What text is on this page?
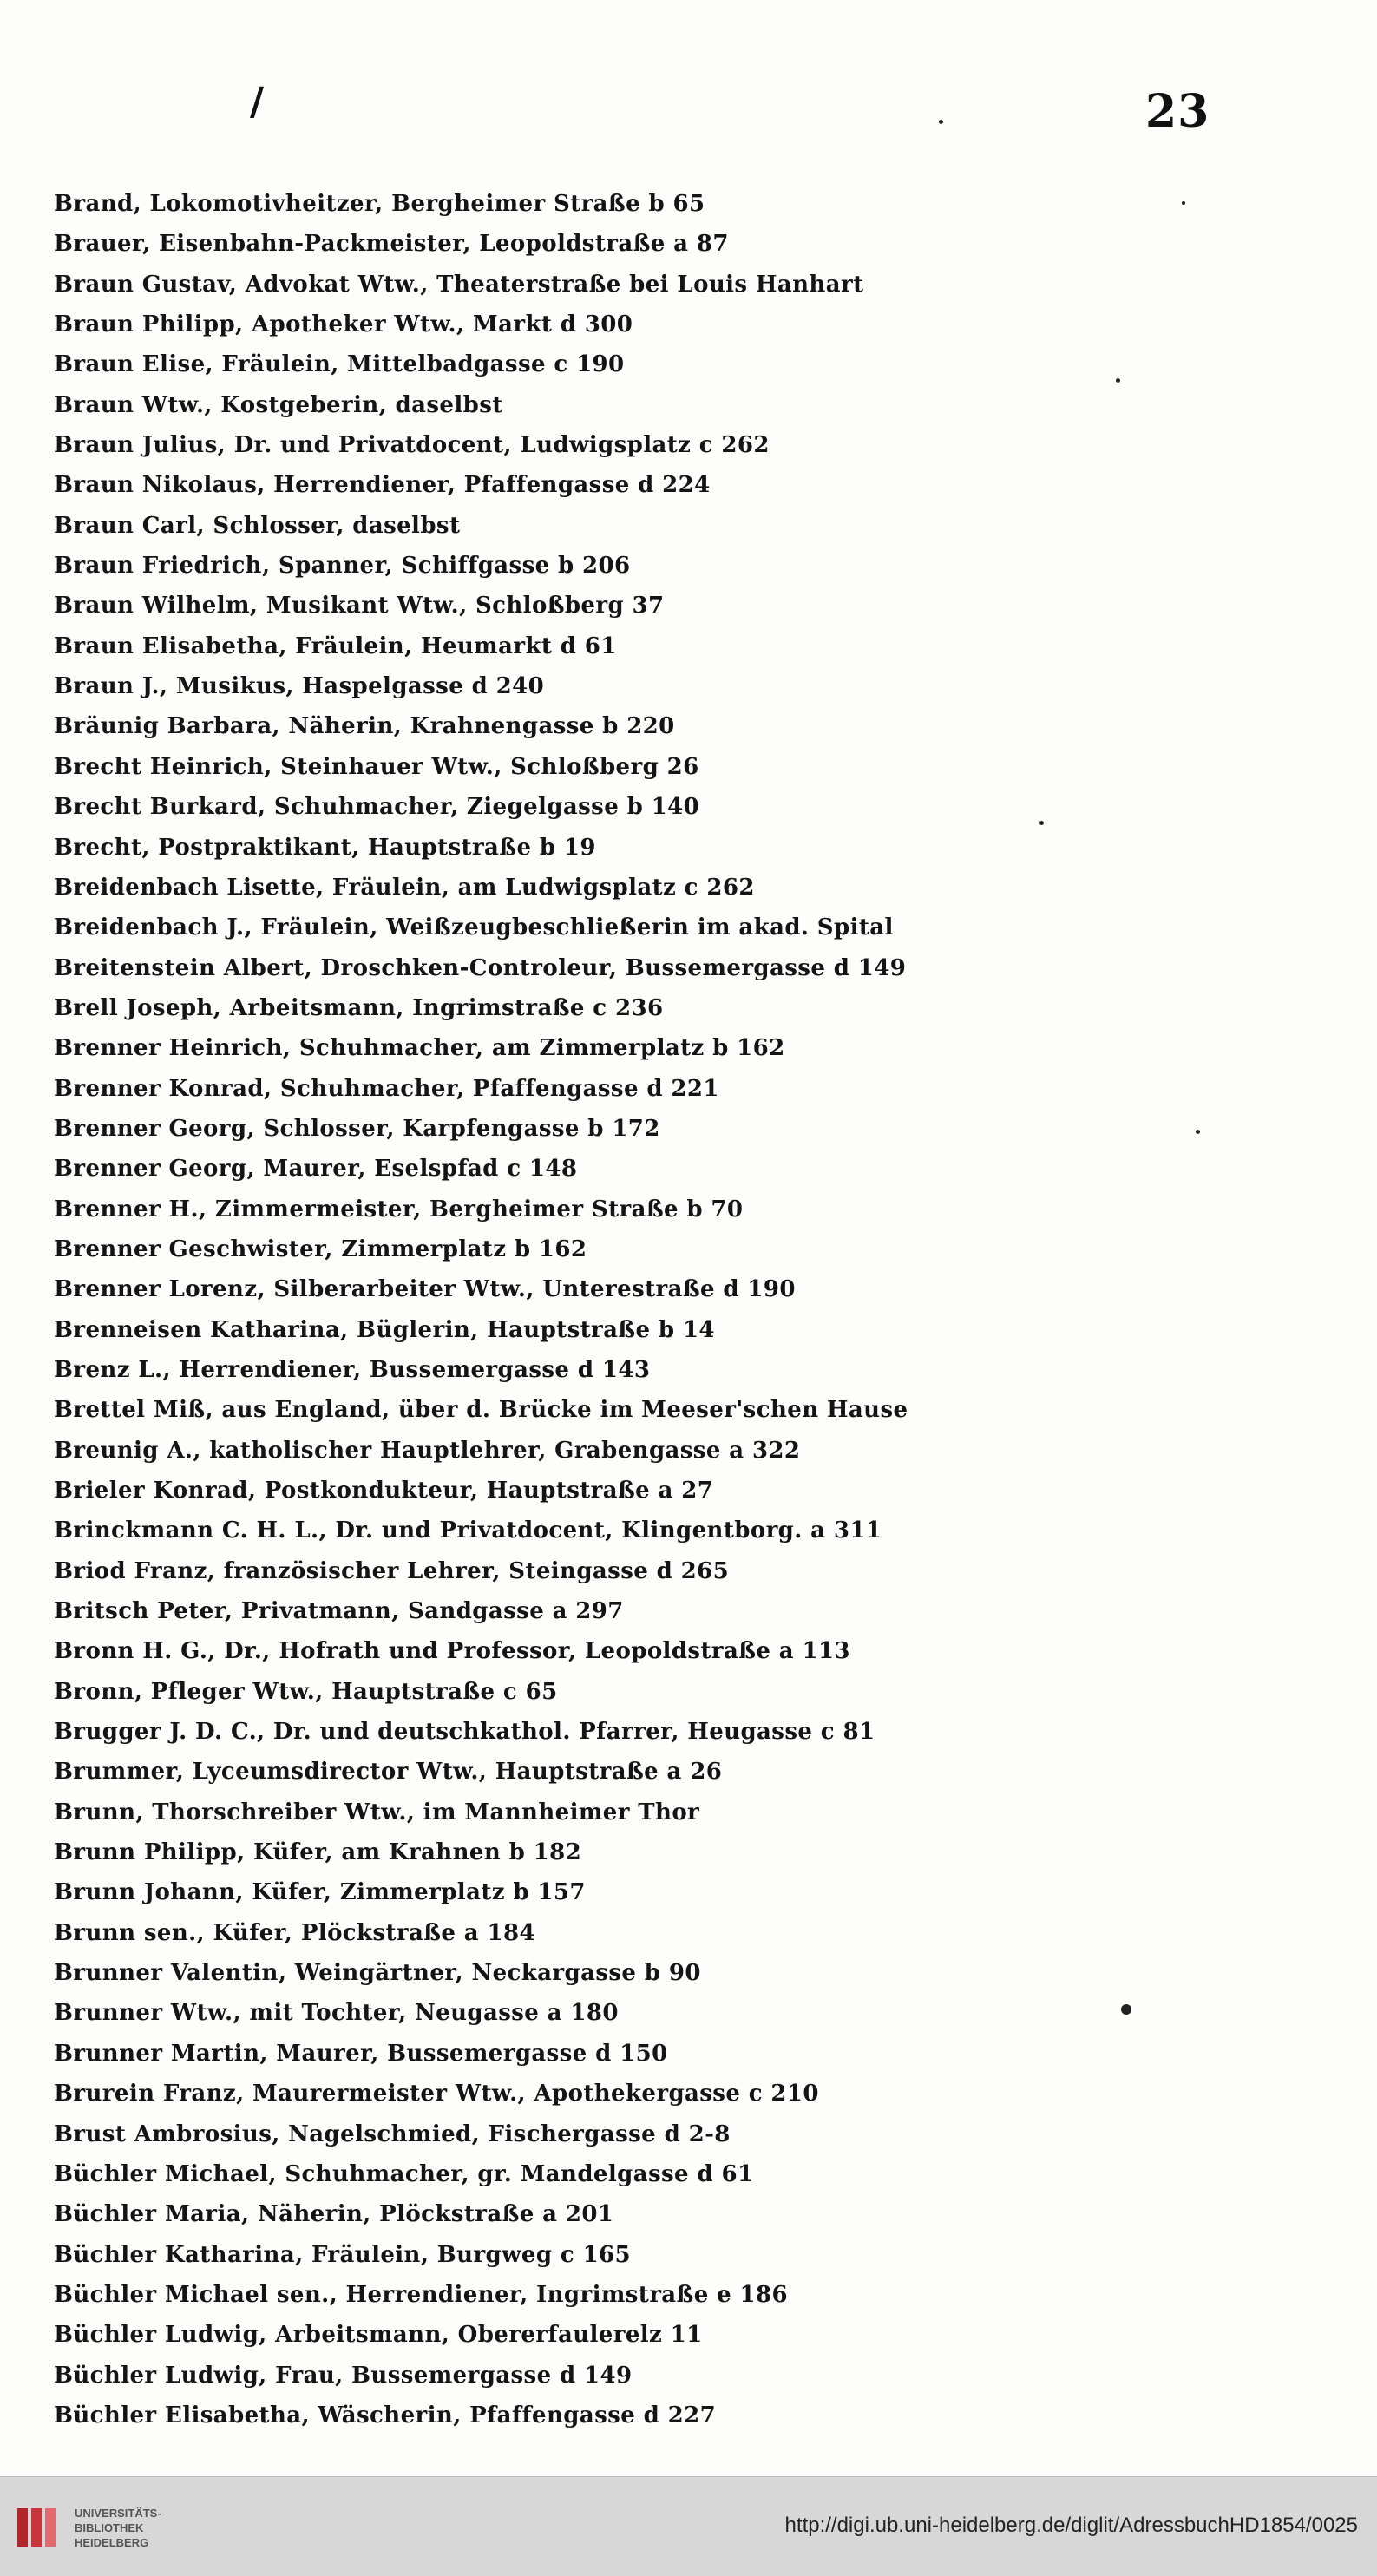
/	23
Brand, Lokomotivheitzer, Bergheimer Straße b 65
Brauer, Eisenbahn-Packmeister, Leopoldstraße a 87
Braun Gustav, Advokat Wtw., Theaterstraße bei Louis Hanhart
Braun Philipp, Apotheker Wtw., Markt d 300
Braun Elise, Fräulein, Mittelbadgasse c 190
Braun Wtw., Kostgeberin, daselbst
Braun Julius, Dr. und Privatdocent, Ludwigsplatz c 262
Braun Nikolaus, Herrendiener, Pfaffengasse d 224
Braun Carl, Schlosser, daselbst
Braun Friedrich, Spanner, Schiffgasse b 206
Braun Wilhelm, Musikant Wtw., Schloßberg 37
Braun Elisabetha, Fräulein, Heumarkt d 61
Braun J., Musikus, Haspelgasse d 240
Bräunig Barbara, Näherin, Krahnengasse b 220
Brecht Heinrich, Steinhauer Wtw., Schloßberg 26
Brecht Burkard, Schuhmacher, Ziegelgasse b 140
Brecht, Postpraktikant, Hauptstraße b 19
Breidenbach Lisette, Fräulein, am Ludwigsplatz c 262
Breidenbach J., Fräulein, Weißzeugbeschließerin im akad. Spital
Breitenstein Albert, Droschken-Controleur, Bussemergasse d 149
Brell Joseph, Arbeitsmann, Ingrimstraße c 236
Brenner Heinrich, Schuhmacher, am Zimmerplatz b 162
Brenner Konrad, Schuhmacher, Pfaffengasse d 221
Brenner Georg, Schlosser, Karpfengasse b 172
Brenner Georg, Maurer, Eselspfad c 148
Brenner H., Zimmermeister, Bergheimer Straße b 70
Brenner Geschwister, Zimmerplatz b 162
Brenner Lorenz, Silberarbeiter Wtw., Unterestraße d 190
Brenneisen Katharina, Büglerin, Hauptstraße b 14
Brenz L., Herrendiener, Bussemergasse d 143
Brettel Miß, aus England, über d. Brücke im Meeser'schen Hause
Breunig A., katholischer Hauptlehrer, Grabengasse a 322
Brieler Konrad, Postkondukteur, Hauptstraße a 27
Brinckmann C. H. L., Dr. und Privatdocent, Klingentborg. a 311
Briod Franz, französischer Lehrer, Steingasse d 265
Britsch Peter, Privatmann, Sandgasse a 297
Bronn H. G., Dr., Hofrath und Professor, Leopoldstraße a 113
Bronn, Pfleger Wtw., Hauptstraße c 65
Brugger J. D. C., Dr. und deutschkathol. Pfarrer, Heugasse c 81
Brummer, Lyceumsdirector Wtw., Hauptstraße a 26
Brunn, Thorschreiber Wtw., im Mannheimer Thor
Brunn Philipp, Küfer, am Krahnen b 182
Brunn Johann, Küfer, Zimmerplatz b 157
Brunn sen., Küfer, Plöckstraße a 184
Brunner Valentin, Weingärtner, Neckargasse b 90
Brunner Wtw., mit Tochter, Neugasse a 180
Brunner Martin, Maurer, Bussemergasse d 150
Brurein Franz, Maurermeister Wtw., Apothekergasse c 210
Brust Ambrosius, Nagelschmied, Fischergasse d 2-8
Büchler Michael, Schuhmacher, gr. Mandelgasse d 61
Büchler Maria, Näherin, Plöckstraße a 201
Büchler Katharina, Fräulein, Burgweg c 165
Büchler Michael sen., Herrendiener, Ingrimstraße e 186
Büchler Ludwig, Arbeitsmann, Obererfaulerelz 11
Büchler Ludwig, Frau, Bussemergasse d 149
Büchler Elisabetha, Wäscherin, Pfaffengasse d 227
UNIVERSITÄTS-
BIBLIOTHEK
HEIDELBERG
http://digi.ub.uni-heidelberg.de/diglit/AdressbuchHD1854/0025
